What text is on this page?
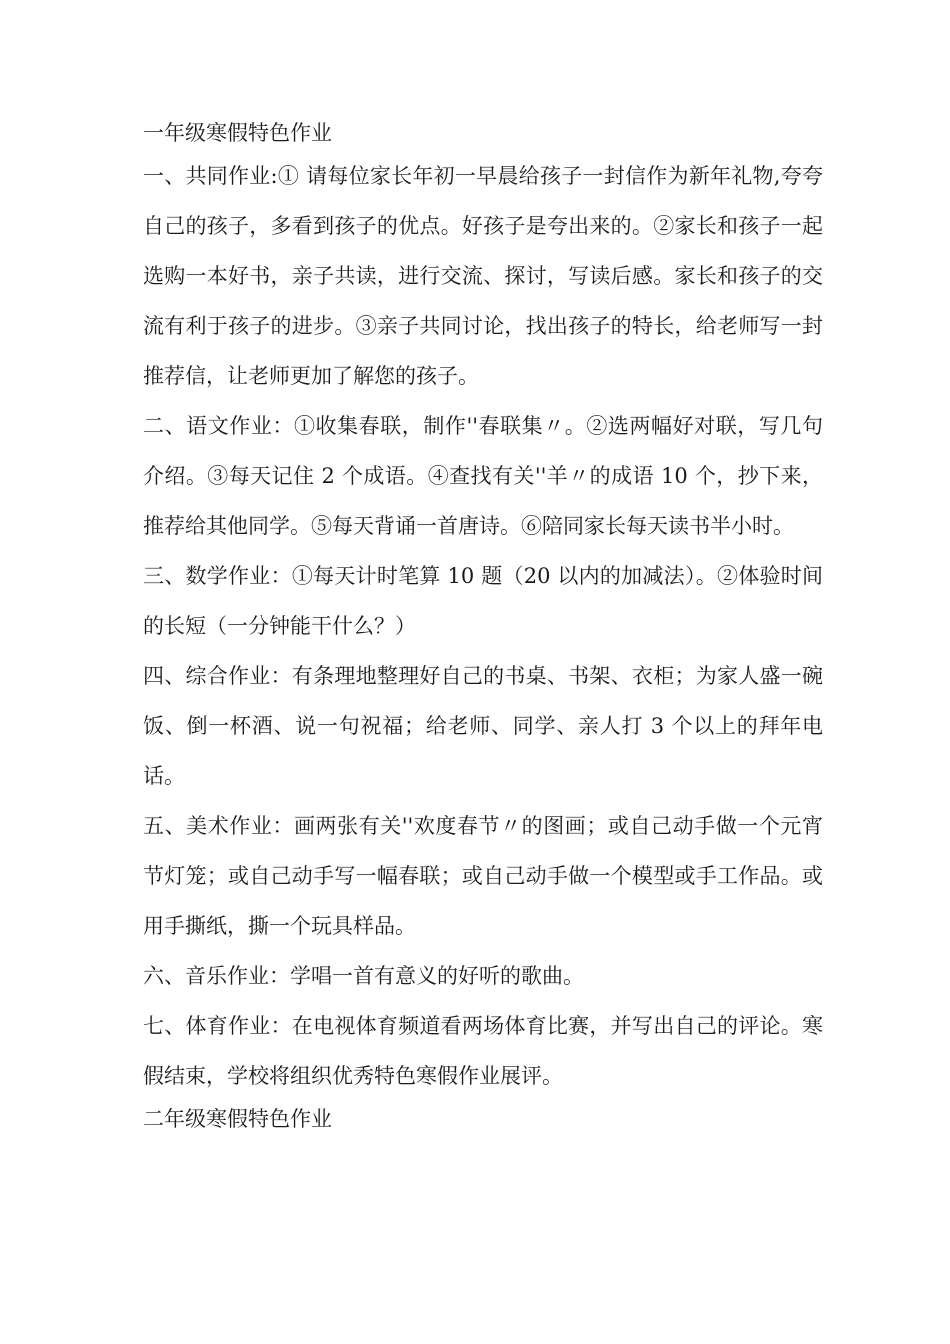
一年级寒假特色作业

一、共同作业:① 请每位家长年初一早晨给孩子一封信作为新年礼物,夸夸自己的孩子，多看到孩子的优点。好孩子是夸出来的。②家长和孩子一起选购一本好书，亲子共读，进行交流、探讨，写读后感。家长和孩子的交流有利于孩子的进步。③亲子共同讨论，找出孩子的特长，给老师写一封推荐信，让老师更加了解您的孩子。

二、语文作业：①收集春联，制作''春联集〃。②选两幅好对联，写几句介绍。③每天记住 2 个成语。④查找有关''羊〃的成语 10 个，抄下来，推荐给其他同学。⑤每天背诵一首唐诗。⑥陪同家长每天读书半小时。

三、数学作业：①每天计时笔算 10 题（20 以内的加减法）。②体验时间的长短（一分钟能干什么？）

四、综合作业：有条理地整理好自己的书桌、书架、衣柜；为家人盛一碗饭、倒一杯酒、说一句祝福；给老师、同学、亲人打 3 个以上的拜年电话。

五、美术作业：画两张有关''欢度春节〃的图画；或自己动手做一个元宵节灯笼；或自己动手写一幅春联；或自己动手做一个模型或手工作品。或用手撕纸，撕一个玩具样品。

六、音乐作业：学唱一首有意义的好听的歌曲。

七、体育作业：在电视体育频道看两场体育比赛，并写出自己的评论。寒假结束，学校将组织优秀特色寒假作业展评。

二年级寒假特色作业
